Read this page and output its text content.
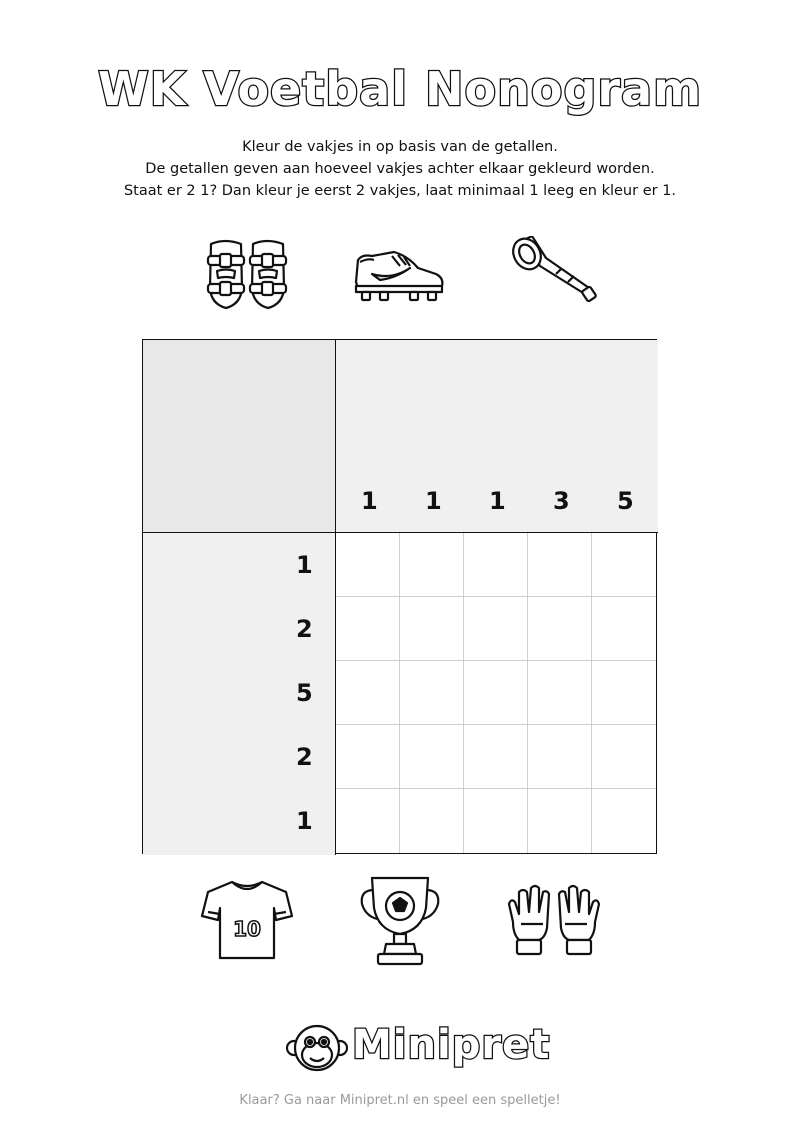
WK Voetbal Nonogram
Kleur de vakjes in op basis van de getallen.
De getallen geven aan hoeveel vakjes achter elkaar gekleurd worden.
Staat er 2 1? Dan kleur je eerst 2 vakjes, laat minimaal 1 leeg en kleur er 1.
1 1 1 3 5
1
2
5
2
1
10
Minipret
Klaar? Ga naar Minipret.nl en speel een spelletje!
